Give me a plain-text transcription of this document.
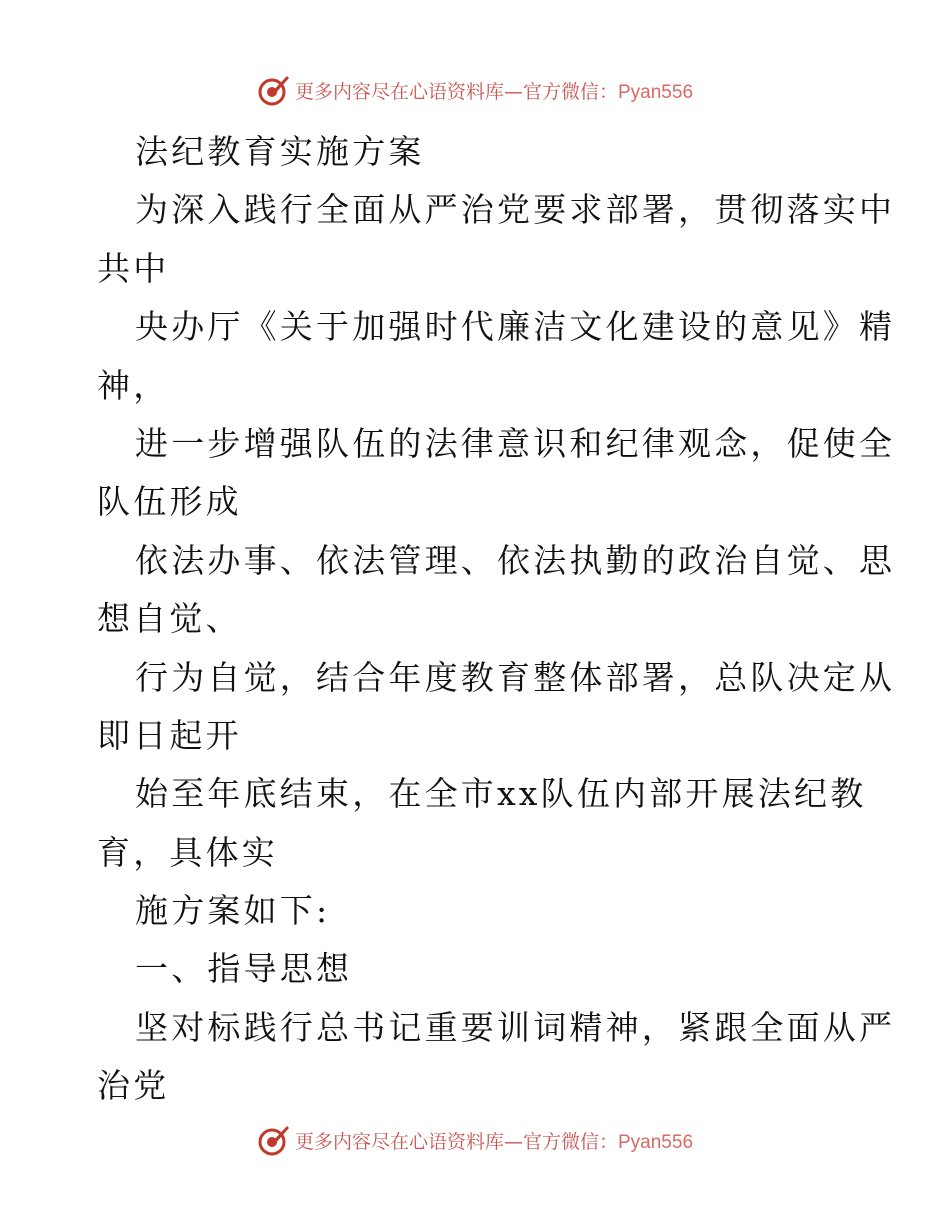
更多内容尽在心语资料库—官方微信：Pyan556
法纪教育实施方案
为深入践行全面从严治党要求部署，贯彻落实中
共中
央办厅《关于加强时代廉洁文化建设的意见》精
神，
进一步增强队伍的法律意识和纪律观念，促使全
队伍形成
依法办事、依法管理、依法执勤的政治自觉、思
想自觉、
行为自觉，结合年度教育整体部署，总队决定从
即日起开
始至年底结束，在全市xx队伍内部开展法纪教
育，具体实
施方案如下:
一、指导思想
坚对标践行总书记重要训词精神，紧跟全面从严
治党
更多内容尽在心语资料库—官方微信：Pyan556
